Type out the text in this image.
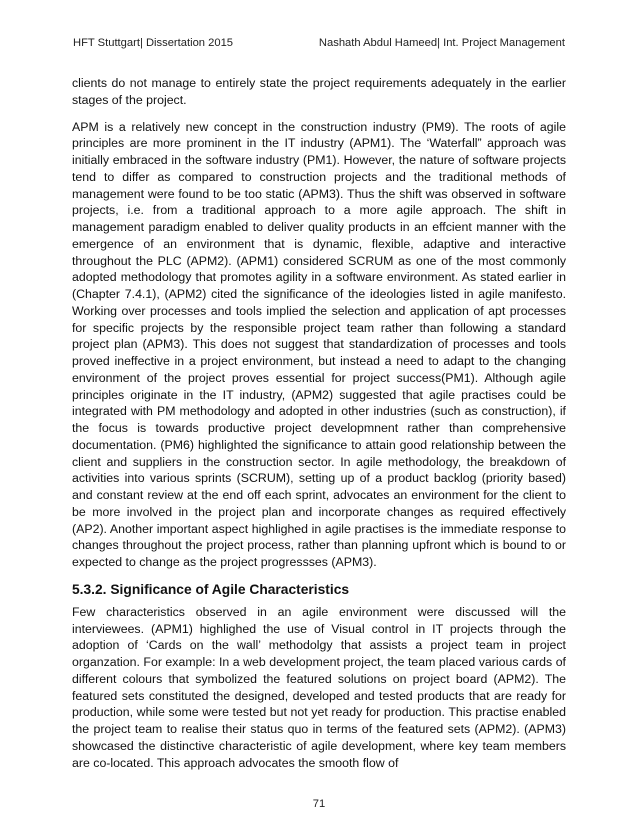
HFT Stuttgart| Dissertation 2015	Nashath Abdul Hameed| Int. Project Management

clients do not manage to entirely state the project requirements adequately in the earlier stages of the project.

APM is a relatively new concept in the construction industry (PM9). The roots of agile principles are more prominent in the IT industry (APM1). The ‘Waterfall” approach was initially embraced in the software industry (PM1). However, the nature of software projects tend to differ as compared to construction projects and the traditional methods of management were found to be too static (APM3). Thus the shift was observed in software projects, i.e. from a traditional approach to a more agile approach. The shift in management paradigm enabled to deliver quality products in an effcient manner with the emergence of an environment that is dynamic, flexible, adaptive and interactive throughout the PLC (APM2). (APM1) considered SCRUM as one of the most commonly adopted methodology that promotes agility in a software environment. As stated earlier in (Chapter 7.4.1), (APM2) cited the significance of the ideologies listed in agile manifesto. Working over processes and tools implied the selection and application of apt processes for specific projects by the responsible project team rather than following a standard project plan (APM3). This does not suggest that standardization of processes and tools proved ineffective in a project environment, but instead a need to adapt to the changing environment of the project proves essential for project success(PM1). Although agile principles originate in the IT industry, (APM2) suggested that agile practises could be integrated with PM methodology and adopted in other industries (such as construction), if the focus is towards productive project developmnent rather than comprehensive documentation. (PM6) highlighted the significance to attain good relationship between the client and suppliers in the construction sector. In agile methodology, the breakdown of activities into various sprints (SCRUM), setting up of a product backlog (priority based) and constant review at the end off each sprint, advocates an environment for the client to be more involved in the project plan and incorporate changes as required effectively (AP2). Another important aspect highlighed in agile practises is the immediate response to changes throughout the project process, rather than planning upfront which is bound to or expected to change as the project progressses (APM3).

5.3.2. Significance of Agile Characteristics

Few characteristics observed in an agile environment were discussed will the interviewees. (APM1) highlighed the use of Visual control in IT projects through the adoption of ‘Cards on the wall’ methodolgy that assists a project team in project organzation. For example: In a web development project, the team placed various cards of different colours that symbolized the featured solutions on project board (APM2). The featured sets constituted the designed, developed and tested products that are ready for production, while some were tested but not yet ready for production. This practise enabled the project team to realise their status quo in terms of the featured sets (APM2). (APM3) showcased the distinctive characteristic of agile development, where key team members are co-located. This approach advocates the smooth flow of

71
